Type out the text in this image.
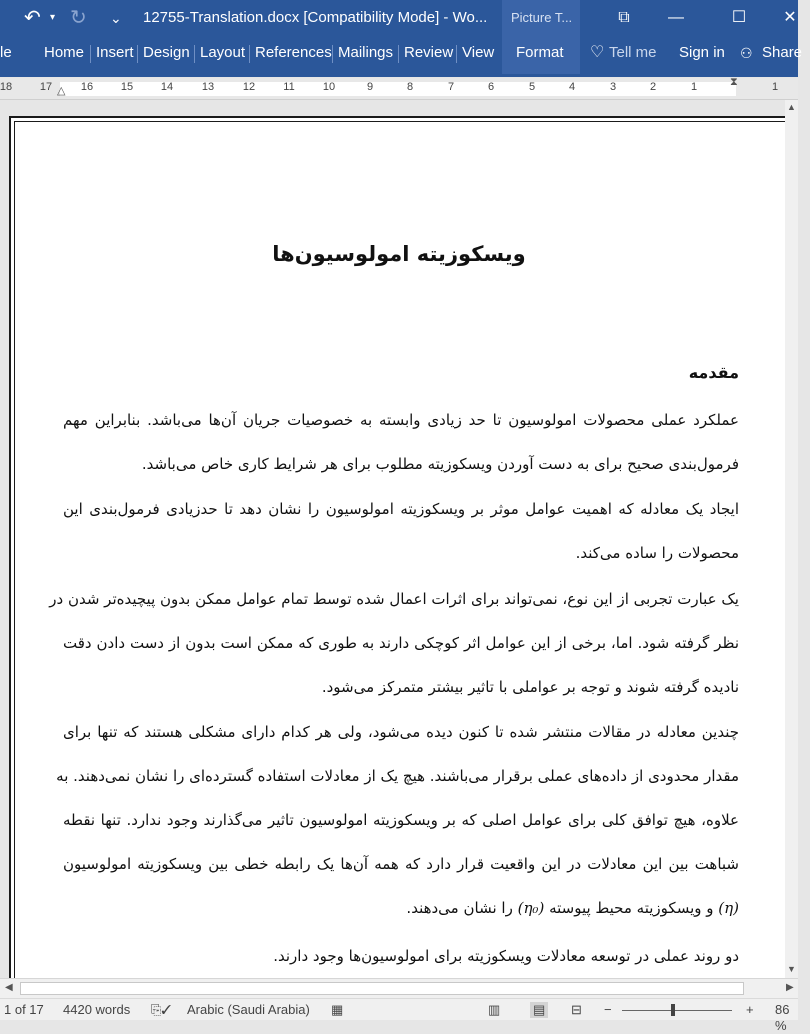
↶ ▾ ↻ ⌄ 12755-Translation.docx [Compatibility Mode] - Wo...	Picture T...	⧉	—	☐	✕
le Home Insert Design Layout References Mailings Review View Format ♡ Tell me Sign in ⚇ Share
18	17 △ 16	15	14	13	12	11	10	9	8	7	6	5	4	3	2	1	⧗	1
ویسکوزیته امولوسیون‌ها
مقدمه
عملکرد عملی محصولات امولوسیون تا حد زیادی وابسته به خصوصیات جریان آن‌ها می‌باشد. بنابراین مهم
فرمول‌بندی صحیح برای به دست آوردن ویسکوزیته مطلوب برای هر شرایط کاری خاص می‌باشد.
ایجاد یک معادله که اهمیت عوامل موثر بر ویسکوزیته امولوسیون را نشان دهد تا حدزیادی فرمول‌بندی این
محصولات را ساده می‌کند.
یک عبارت تجربی از این نوع، نمی‌تواند برای اثرات اعمال شده توسط تمام عوامل ممکن بدون پیچیده‌تر شدن در
نظر گرفته شود. اما، برخی از این عوامل اثر کوچکی دارند به طوری که ممکن است بدون از دست دادن دقت
نادیده گرفته شوند و توجه بر عواملی با تاثیر بیشتر متمرکز می‌شود.
چندین معادله در مقالات منتشر شده تا کنون دیده می‌شود، ولی هر کدام دارای مشکلی هستند که تنها برای
مقدار محدودی از داده‌های عملی برقرار می‌باشند. هیچ یک از معادلات استفاده گسترده‌ای را نشان نمی‌دهند. به
علاوه، هیچ توافق کلی برای عوامل اصلی که بر ویسکوزیته امولوسیون تاثیر می‌گذارند وجود ندارد. تنها نقطه
شباهت بین این معادلات در این واقعیت قرار دارد که همه آن‌ها یک رابطه خطی بین ویسکوزیته امولوسیون
(η) و ویسکوزیته محیط پیوسته (η₀) را نشان می‌دهند.
دو روند عملی در توسعه معادلات ویسکوزیته برای امولوسیون‌ها وجود دارند.
▲
▼
◀	▶
1 of 17 4420 words ⎘✓ Arabic (Saudi Arabia) ▦	▥	▤ ⊟ −	+ 86 %
